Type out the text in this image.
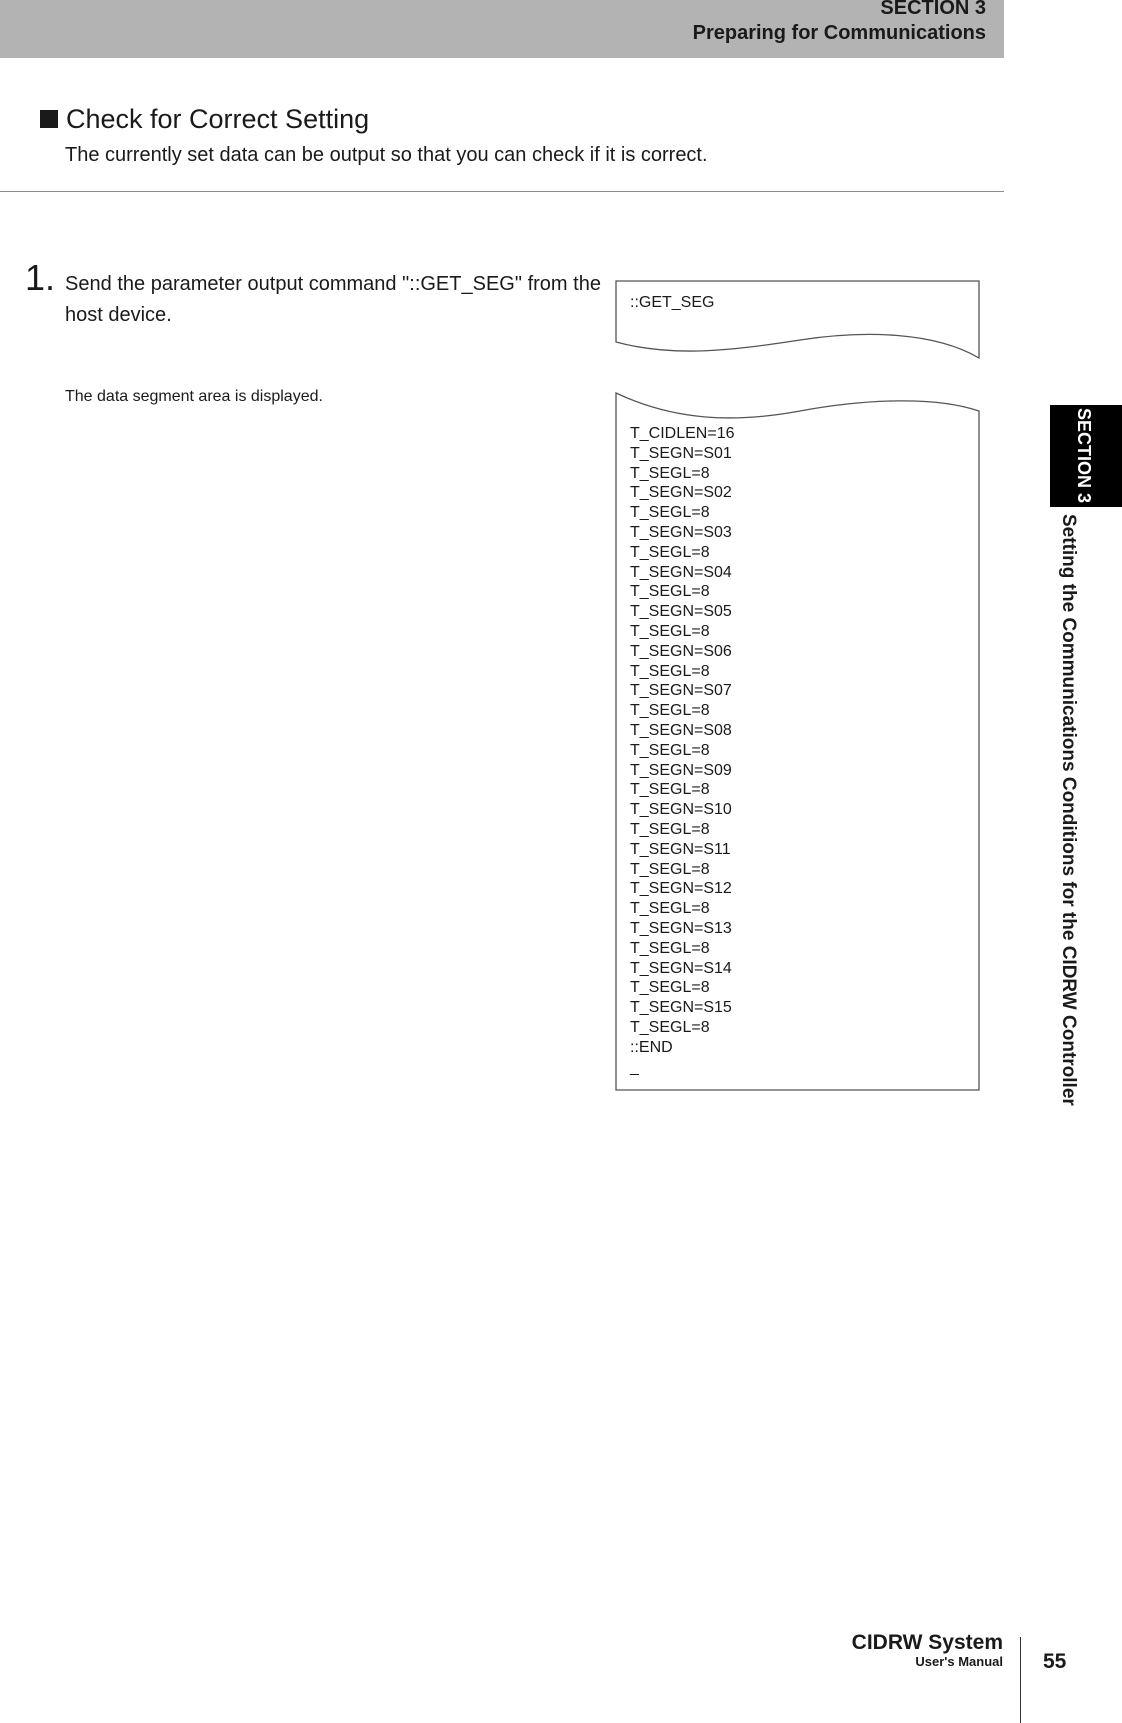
SECTION 3
Preparing for Communications
Check for Correct Setting
The currently set data can be output so that you can check if it is correct.
1. Send the parameter output command "::GET_SEG" from the host device.
The data segment area is displayed.
::GET_SEG
T_CIDLEN=16
T_SEGN=S01
T_SEGL=8
T_SEGN=S02
T_SEGL=8
T_SEGN=S03
T_SEGL=8
T_SEGN=S04
T_SEGL=8
T_SEGN=S05
T_SEGL=8
T_SEGN=S06
T_SEGL=8
T_SEGN=S07
T_SEGL=8
T_SEGN=S08
T_SEGL=8
T_SEGN=S09
T_SEGL=8
T_SEGN=S10
T_SEGL=8
T_SEGN=S11
T_SEGL=8
T_SEGN=S12
T_SEGL=8
T_SEGN=S13
T_SEGL=8
T_SEGN=S14
T_SEGL=8
T_SEGN=S15
T_SEGL=8
::END
_
SECTION 3
Setting the Communications Conditions for the CIDRW Controller
CIDRW System
User's Manual 55
